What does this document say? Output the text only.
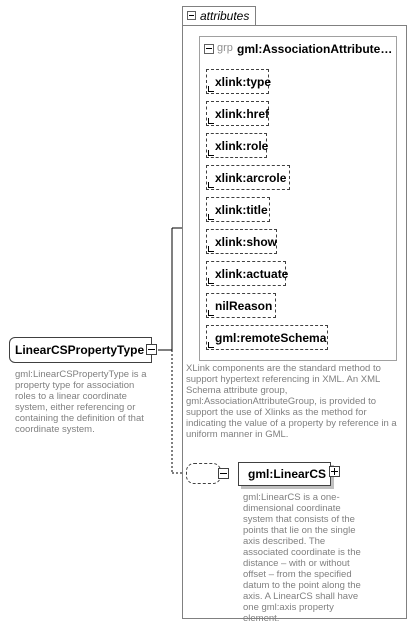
attributes
grp gml:AssociationAttribute…
xlink:type
xlink:href
xlink:role
xlink:arcrole
xlink:title
xlink:show
xlink:actuate
nilReason
gml:remoteSchema
XLink components are the standard method to support hypertext referencing in XML. An XML Schema attribute group, gml:AssociationAttributeGroup, is provided to support the use of Xlinks as the method for indicating the value of a property by reference in a uniform manner in GML.
LinearCSPropertyType
gml:LinearCSPropertyType is a property type for association roles to a linear coordinate system, either referencing or containing the definition of that coordinate system.
gml:LinearCS
gml:LinearCS is a one-dimensional coordinate system that consists of the points that lie on the single axis described. The associated coordinate is the distance – with or without offset – from the specified datum to the point along the axis. A LinearCS shall have one gml:axis property element.
